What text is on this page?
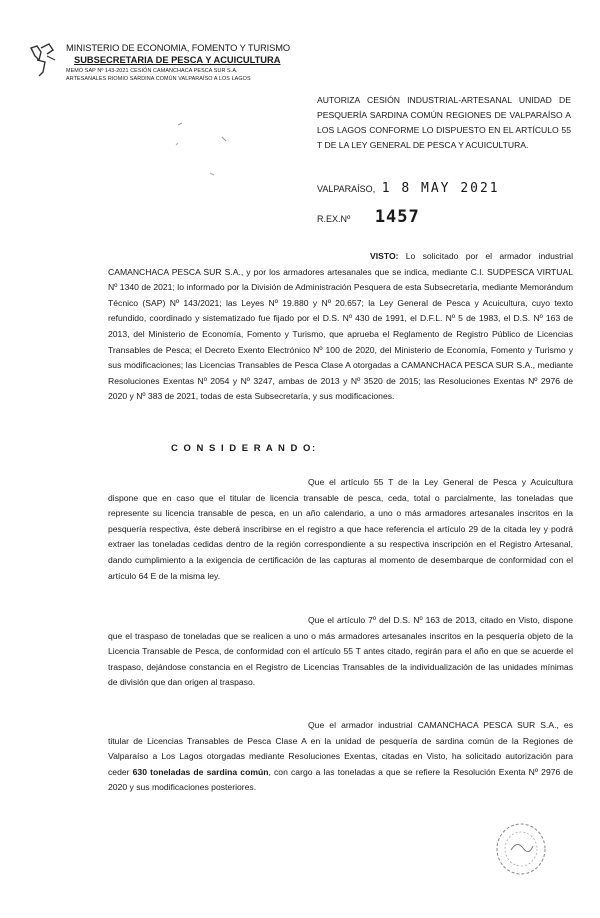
MINISTERIO DE ECONOMIA, FOMENTO Y TURISMO
SUBSECRETARIA DE PESCA Y ACUICULTURA
MEMO SAP Nº 143-2021 CESIÓN CAMANCHACA PESCA SUR S.A.
ARTESANALES RIOMIO SARDINA COMÚN VALPARAÍSO A LOS LAGOS
AUTORIZA CESIÓN INDUSTRIAL-ARTESANAL UNIDAD DE PESQUERÍA SARDINA COMÚN REGIONES DE VALPARAÍSO A LOS LAGOS CONFORME LO DISPUESTO EN EL ARTÍCULO 55 T DE LA LEY GENERAL DE PESCA Y ACUICULTURA.
VALPARAÍSO, 1 8 MAY 2021
R.EX.Nº 1457
VISTO: Lo solicitado por el armador industrial CAMANCHACA PESCA SUR S.A., y por los armadores artesanales que se indica, mediante C.I. SUDPESCA VIRTUAL Nº 1340 de 2021; lo informado por la División de Administración Pesquera de esta Subsecretaría, mediante Memorándum Técnico (SAP) Nº 143/2021; las Leyes Nº 19.880 y Nº 20.657; la Ley General de Pesca y Acuicultura, cuyo texto refundido, coordinado y sistematizado fue fijado por el D.S. Nº 430 de 1991, el D.F.L. Nº 5 de 1983, el D.S. Nº 163 de 2013, del Ministerio de Economía, Fomento y Turismo, que aprueba el Reglamento de Registro Público de Licencias Transables de Pesca; el Decreto Exento Electrónico Nº 100 de 2020, del Ministerio de Economía, Fomento y Turismo y sus modificaciones; las Licencias Transables de Pesca Clase A otorgadas a CAMANCHACA PESCA SUR S.A., mediante Resoluciones Exentas Nº 2054 y Nº 3247, ambas de 2013 y Nº 3520 de 2015; las Resoluciones Exentas Nº 2976 de 2020 y Nº 383 de 2021, todas de esta Subsecretaría, y sus modificaciones.
C O N S I D E R A N D O:
Que el artículo 55 T de la Ley General de Pesca y Acuicultura dispone que en caso que el titular de licencia transable de pesca, ceda, total o parcialmente, las toneladas que represente su licencia transable de pesca, en un año calendario, a uno o más armadores artesanales inscritos en la pesquería respectiva, éste deberá inscribirse en el registro a que hace referencia el artículo 29 de la citada ley y podrá extraer las toneladas cedidas dentro de la región correspondiente a su respectiva inscripción en el Registro Artesanal, dando cumplimiento a la exigencia de certificación de las capturas al momento de desembarque de conformidad con el artículo 64 E de la misma ley.
Que el artículo 7º del D.S. Nº 163 de 2013, citado en Visto, dispone que el traspaso de toneladas que se realicen a uno o más armadores artesanales inscritos en la pesquería objeto de la Licencia Transable de Pesca, de conformidad con el artículo 55 T antes citado, regirán para el año en que se acuerde el traspaso, dejándose constancia en el Registro de Licencias Transables de la individualización de las unidades mínimas de división que dan origen al traspaso.
Que el armador industrial CAMANCHACA PESCA SUR S.A., es titular de Licencias Transables de Pesca Clase A en la unidad de pesquería de sardina común de la Regiones de Valparaíso a Los Lagos otorgadas mediante Resoluciones Exentas, citadas en Visto, ha solicitado autorización para ceder 630 toneladas de sardina común, con cargo a las toneladas a que se refiere la Resolución Exenta Nº 2976 de 2020 y sus modificaciones posteriores.
